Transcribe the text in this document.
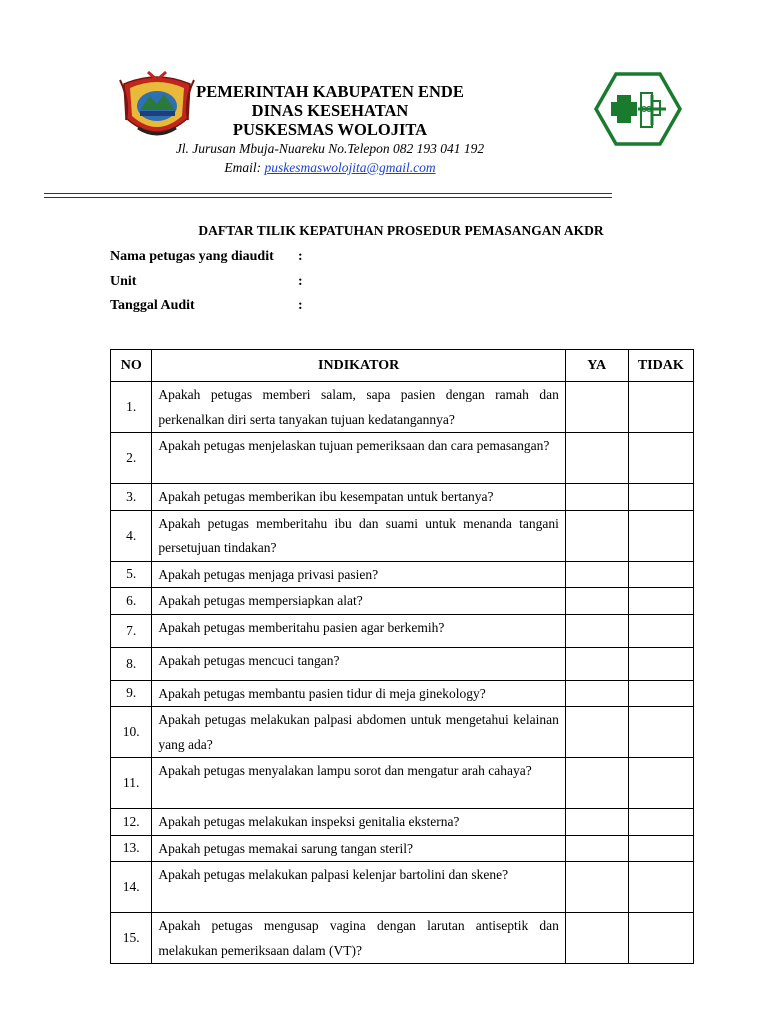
PEMERINTAH KABUPATEN ENDE
DINAS KESEHATAN
PUSKESMAS WOLOJITA
Jl. Jurusan Mbuja-Nuareku No.Telepon 082 193 041 192
Email: puskesmaswolojita@gmail.com
DAFTAR TILIK KEPATUHAN PROSEDUR PEMASANGAN AKDR
Nama petugas yang diaudit :
Unit	:
Tanggal Audit	:
NO	INDIKATOR	YA	TIDAK
1.	Apakah petugas memberi salam, sapa pasien dengan ramah dan perkenalkan diri serta tanyakan tujuan kedatangannya?		
2.	Apakah petugas menjelaskan tujuan pemeriksaan dan cara pemasangan?		
3.	Apakah petugas memberikan ibu kesempatan untuk bertanya?		
4.	Apakah petugas memberitahu ibu dan suami untuk menanda tangani persetujuan tindakan?		
5.	Apakah petugas menjaga privasi pasien?		
6.	Apakah petugas mempersiapkan alat?		
7.	Apakah petugas memberitahu pasien agar berkemih?		
8.	Apakah petugas mencuci tangan?		
9.	Apakah petugas membantu pasien tidur di meja ginekology?		
10.	Apakah petugas melakukan palpasi abdomen untuk mengetahui kelainan yang ada?		
11.	Apakah petugas menyalakan lampu sorot dan mengatur arah cahaya?		
12.	Apakah petugas melakukan inspeksi genitalia eksterna?		
13.	Apakah petugas memakai sarung tangan steril?		
14.	Apakah petugas melakukan palpasi kelenjar bartolini dan skene?		
15.	Apakah petugas mengusap vagina dengan larutan antiseptik dan melakukan pemeriksaan dalam (VT)?		
